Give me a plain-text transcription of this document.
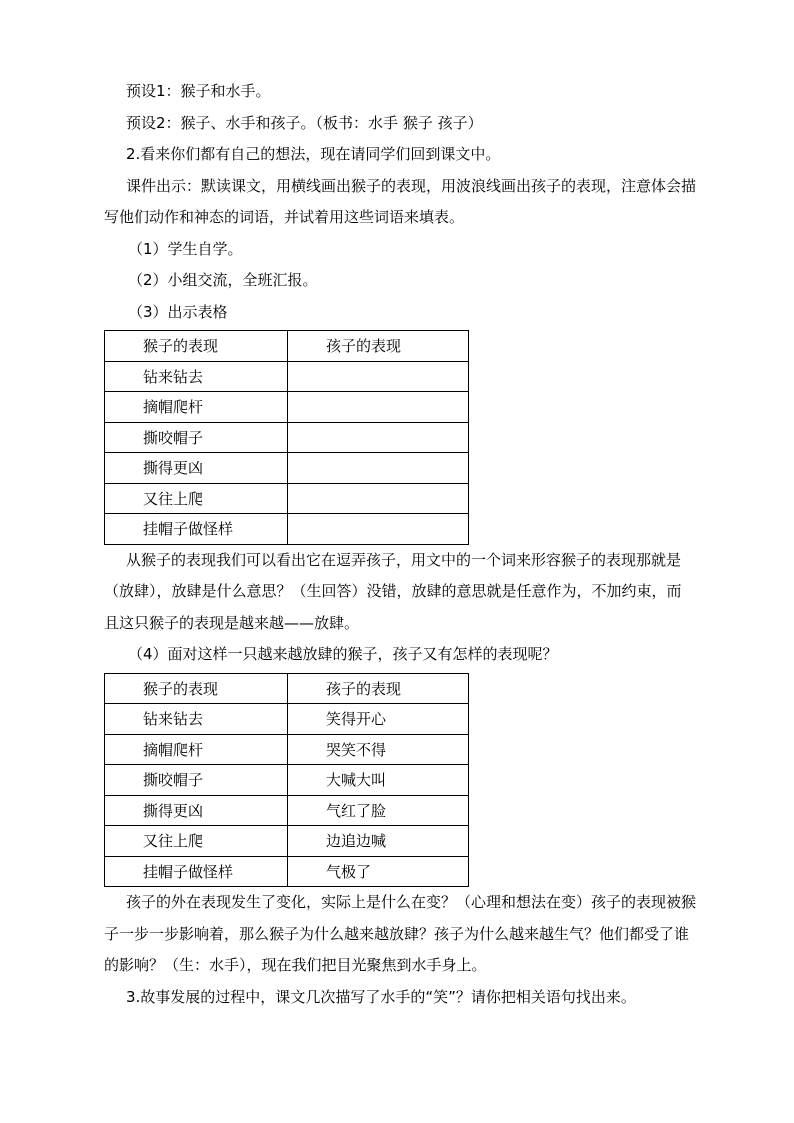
预设1：猴子和水手。

预设2：猴子、水手和孩子。（板书：水手 猴子 孩子）

2.看来你们都有自己的想法，现在请同学们回到课文中。

课件出示：默读课文，用横线画出猴子的表现，用波浪线画出孩子的表现，注意体会描写他们动作和神态的词语，并试着用这些词语来填表。

（1）学生自学。

（2）小组交流，全班汇报。

（3）出示表格

猴子的表现	孩子的表现
钻来钻去	
摘帽爬杆	
撕咬帽子	
撕得更凶	
又往上爬	
挂帽子做怪样	

从猴子的表现我们可以看出它在逗弄孩子，用文中的一个词来形容猴子的表现那就是（放肆），放肆是什么意思？（生回答）没错，放肆的意思就是任意作为，不加约束，而且这只猴子的表现是越来越——放肆。

（4）面对这样一只越来越放肆的猴子，孩子又有怎样的表现呢？

猴子的表现	孩子的表现
钻来钻去	笑得开心
摘帽爬杆	哭笑不得
撕咬帽子	大喊大叫
撕得更凶	气红了脸
又往上爬	边追边喊
挂帽子做怪样	气极了

孩子的外在表现发生了变化，实际上是什么在变？（心理和想法在变）孩子的表现被猴子一步一步影响着，那么猴子为什么越来越放肆？孩子为什么越来越生气？他们都受了谁的影响？（生：水手），现在我们把目光聚焦到水手身上。

3.故事发展的过程中，课文几次描写了水手的“笑”？请你把相关语句找出来。
